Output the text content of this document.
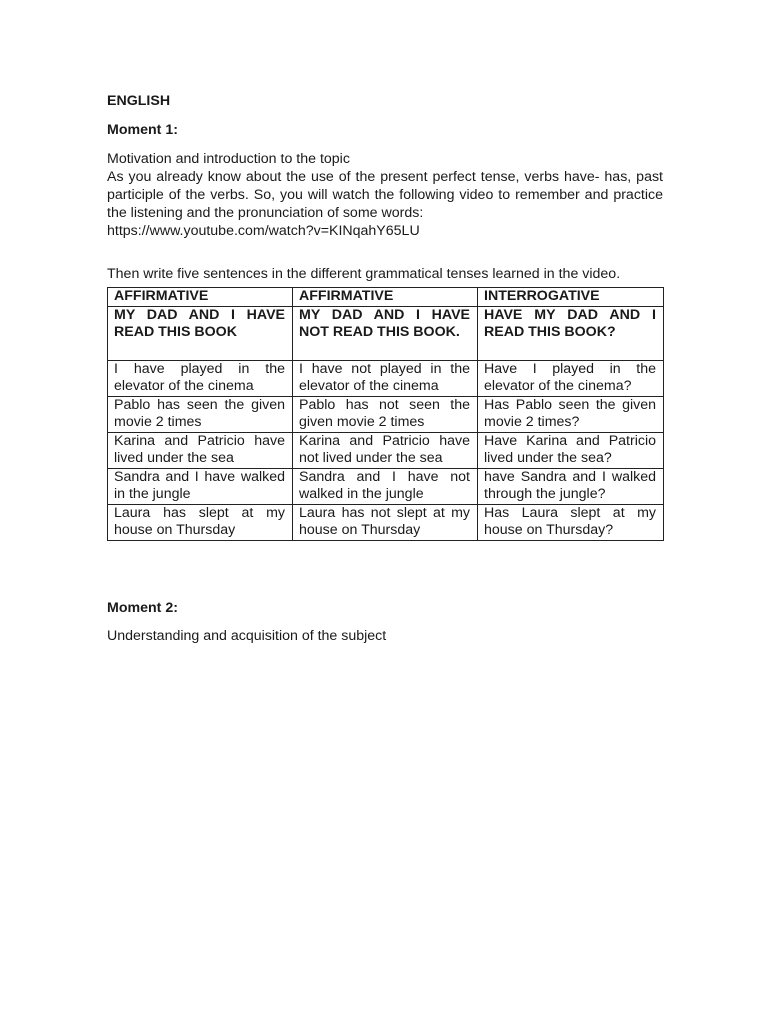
ENGLISH

Moment 1:

Motivation and introduction to the topic

As you already know about the use of the present perfect tense, verbs have- has, past participle of the verbs. So, you will watch the following video to remember and practice the listening and the pronunciation of some words:

https://www.youtube.com/watch?v=KINqahY65LU

Then write five sentences in the different grammatical tenses learned in the video.

AFFIRMATIVE	AFFIRMATIVE	INTERROGATIVE
MY DAD AND I HAVE READ THIS BOOK	MY DAD AND I HAVE NOT READ THIS BOOK.	HAVE MY DAD AND I READ THIS BOOK?
I have played in the elevator of the cinema	I have not played in the elevator of the cinema	Have I played in the elevator of the cinema?
Pablo has seen the given movie 2 times	Pablo has not seen the given movie 2 times	Has Pablo seen the given movie 2 times?
Karina and Patricio have lived under the sea	Karina and Patricio have not lived under the sea	Have Karina and Patricio lived under the sea?
Sandra and I have walked in the jungle	Sandra and I have not walked in the jungle	have Sandra and I walked through the jungle?
Laura has slept at my house on Thursday	Laura has not slept at my house on Thursday	Has Laura slept at my house on Thursday?

Moment 2:

Understanding and acquisition of the subject
